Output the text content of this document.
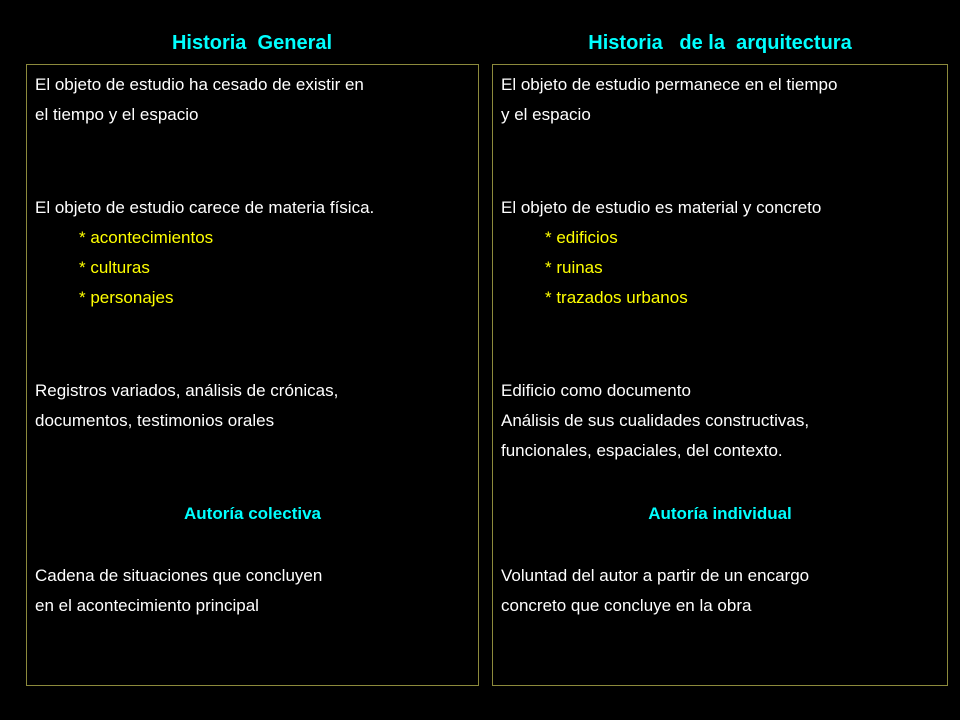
Historia  General	Historia   de la  arquitectura
El objeto de estudio ha cesado de existir en
el tiempo y el espacio
El objeto de estudio carece de materia física.
* acontecimientos
* culturas
* personajes
Registros variados, análisis de crónicas,
documentos, testimonios orales
Autoría colectiva
Cadena de situaciones que concluyen
en el acontecimiento principal
El objeto de estudio permanece en el tiempo
y el espacio
El objeto de estudio es material y concreto
* edificios
* ruinas
* trazados urbanos
Edificio como documento
Análisis de sus cualidades constructivas,
funcionales, espaciales, del contexto.
Autoría individual
Voluntad del autor a partir de un encargo
concreto que concluye en la obra
